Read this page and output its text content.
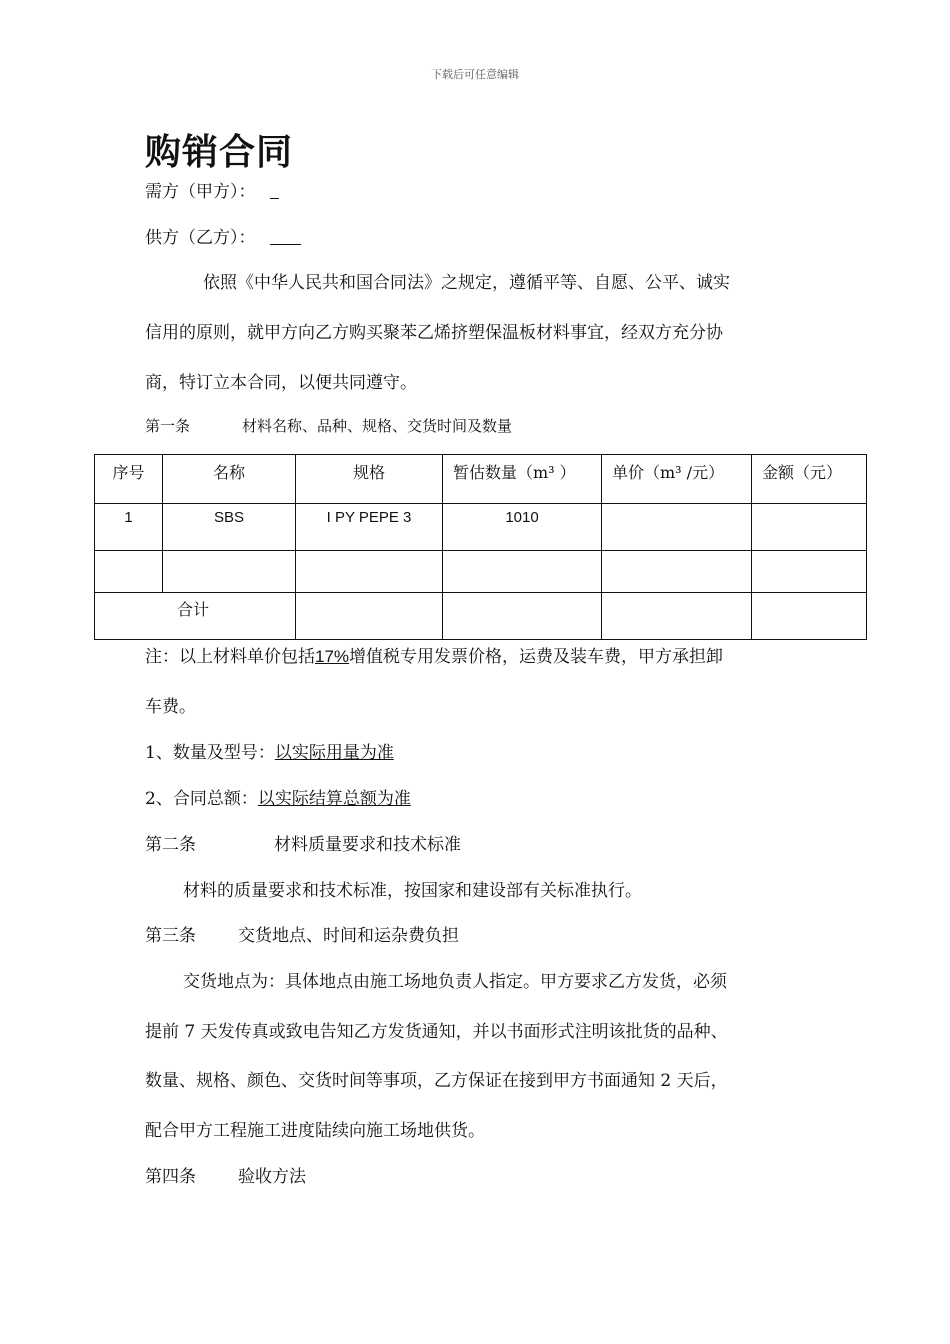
下载后可任意编辑
购销合同
需方（甲方）：
供方（乙方）：
依照《中华人民共和国合同法》之规定，遵循平等、自愿、公平、诚实
信用的原则，就甲方向乙方购买聚苯乙烯挤塑保温板材料事宜，经双方充分协
商，特订立本合同，以便共同遵守。
第一条	材料名称、品种、规格、交货时间及数量
序号	名称	规格	暂估数量（m³ ）	单价（m³ /元）	金额（元）

1	SBS	I PY PEPE 3	1010		

合计					

注：以上材料单价包括17%增值税专用发票价格，运费及装车费，甲方承担卸
车费。
1、数量及型号：以实际用量为准
2、合同总额：以实际结算总额为准
第二条	材料质量要求和技术标准
材料的质量要求和技术标准，按国家和建设部有关标准执行。
第三条 交货地点、时间和运杂费负担
交货地点为：具体地点由施工场地负责人指定。甲方要求乙方发货，必须
提前 7 天发传真或致电告知乙方发货通知，并以书面形式注明该批货的品种、
数量、规格、颜色、交货时间等事项，乙方保证在接到甲方书面通知 2 天后，
配合甲方工程施工进度陆续向施工场地供货。
第四条 验收方法
